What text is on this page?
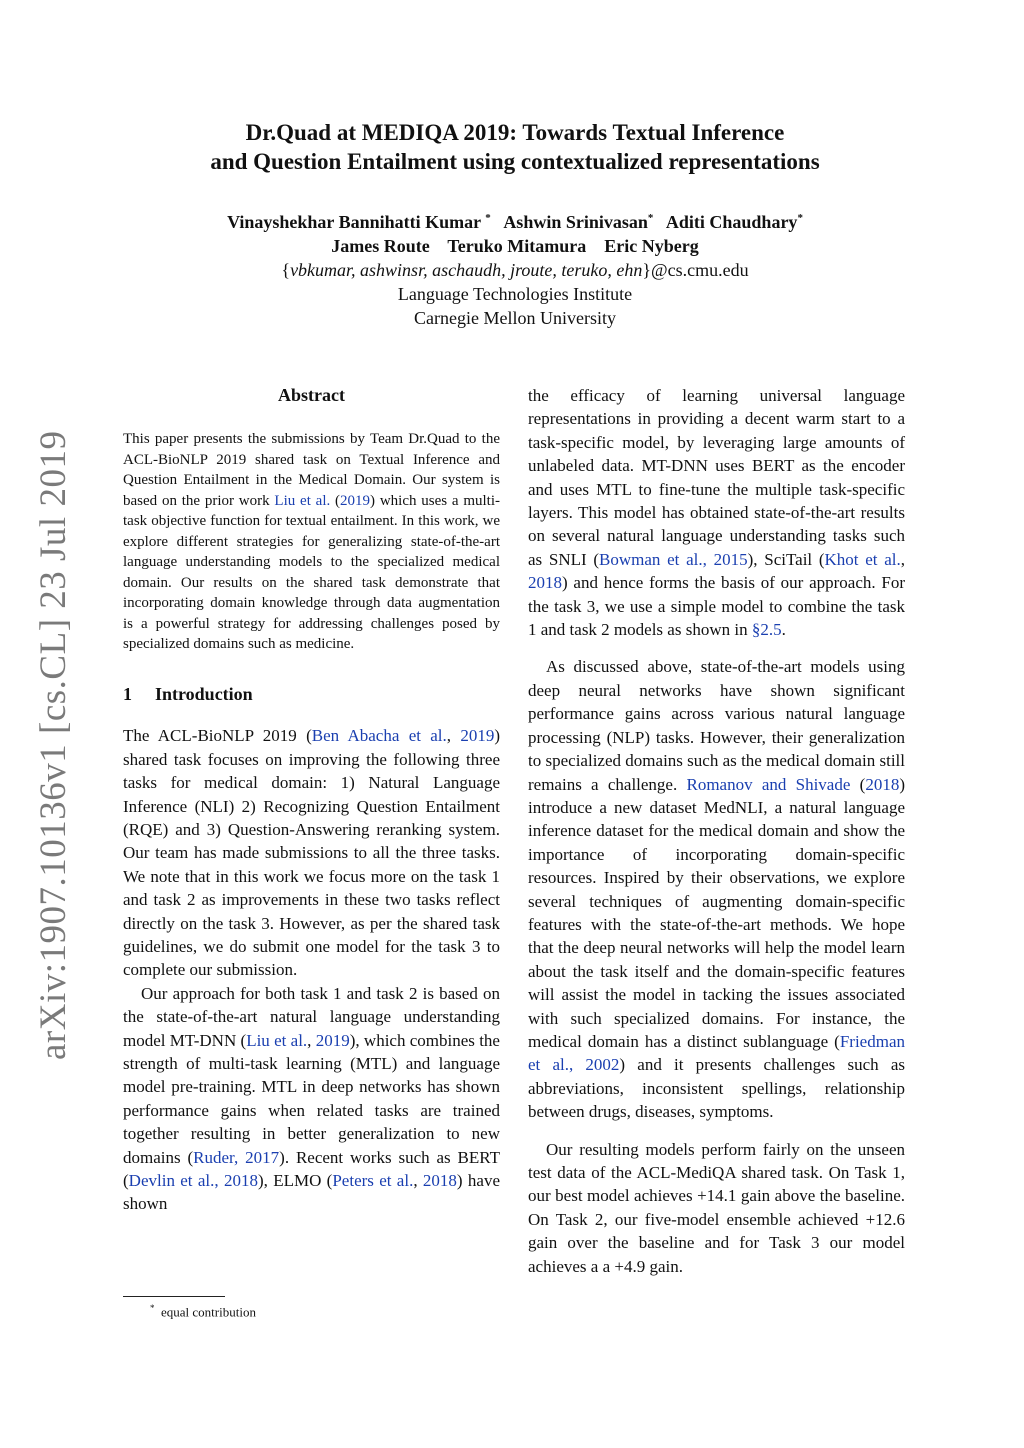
arXiv:1907.10136v1 [cs.CL] 23 Jul 2019
Dr.Quad at MEDIQA 2019: Towards Textual Inference
and Question Entailment using contextualized representations
Vinayshekhar Bannihatti Kumar * Ashwin Srinivasan* Aditi Chaudhary*
James Route    Teruko Mitamura    Eric Nyberg
{vbkumar, ashwinsr, aschaudh, jroute, teruko, ehn}@cs.cmu.edu
Language Technologies Institute
Carnegie Mellon University
Abstract

This paper presents the submissions by Team Dr.Quad to the ACL-BioNLP 2019 shared task on Textual Inference and Question Entailment in the Medical Domain. Our system is based on the prior work Liu et al. (2019) which uses a multi-task objective function for textual entailment. In this work, we explore different strategies for generalizing state-of-the-art language understanding models to the specialized medical domain. Our results on the shared task demonstrate that incorporating domain knowledge through data augmentation is a powerful strategy for addressing challenges posed by specialized domains such as medicine.

1 Introduction

The ACL-BioNLP 2019 (Ben Abacha et al., 2019) shared task focuses on improving the following three tasks for medical domain: 1) Natural Language Inference (NLI) 2) Recognizing Question Entailment (RQE) and 3) Question-Answering reranking system. Our team has made submissions to all the three tasks. We note that in this work we focus more on the task 1 and task 2 as improvements in these two tasks reflect directly on the task 3. However, as per the shared task guidelines, we do submit one model for the task 3 to complete our submission.

Our approach for both task 1 and task 2 is based on the state-of-the-art natural language understanding model MT-DNN (Liu et al., 2019), which combines the strength of multi-task learning (MTL) and language model pre-training. MTL in deep networks has shown performance gains when related tasks are trained together resulting in better generalization to new domains (Ruder, 2017). Recent works such as BERT (Devlin et al., 2018), ELMO (Peters et al., 2018) have shown

the efficacy of learning universal language representations in providing a decent warm start to a task-specific model, by leveraging large amounts of unlabeled data. MT-DNN uses BERT as the encoder and uses MTL to fine-tune the multiple task-specific layers. This model has obtained state-of-the-art results on several natural language understanding tasks such as SNLI (Bowman et al., 2015), SciTail (Khot et al., 2018) and hence forms the basis of our approach. For the task 3, we use a simple model to combine the task 1 and task 2 models as shown in §2.5.

As discussed above, state-of-the-art models using deep neural networks have shown significant performance gains across various natural language processing (NLP) tasks. However, their generalization to specialized domains such as the medical domain still remains a challenge. Romanov and Shivade (2018) introduce a new dataset MedNLI, a natural language inference dataset for the medical domain and show the importance of incorporating domain-specific resources. Inspired by their observations, we explore several techniques of augmenting domain-specific features with the state-of-the-art methods. We hope that the deep neural networks will help the model learn about the task itself and the domain-specific features will assist the model in tacking the issues associated with such specialized domains. For instance, the medical domain has a distinct sublanguage (Friedman et al., 2002) and it presents challenges such as abbreviations, inconsistent spellings, relationship between drugs, diseases, symptoms.

Our resulting models perform fairly on the unseen test data of the ACL-MediQA shared task. On Task 1, our best model achieves +14.1 gain above the baseline. On Task 2, our five-model ensemble achieved +12.6 gain over the baseline and for Task 3 our model achieves a a +4.9 gain.

* equal contribution
